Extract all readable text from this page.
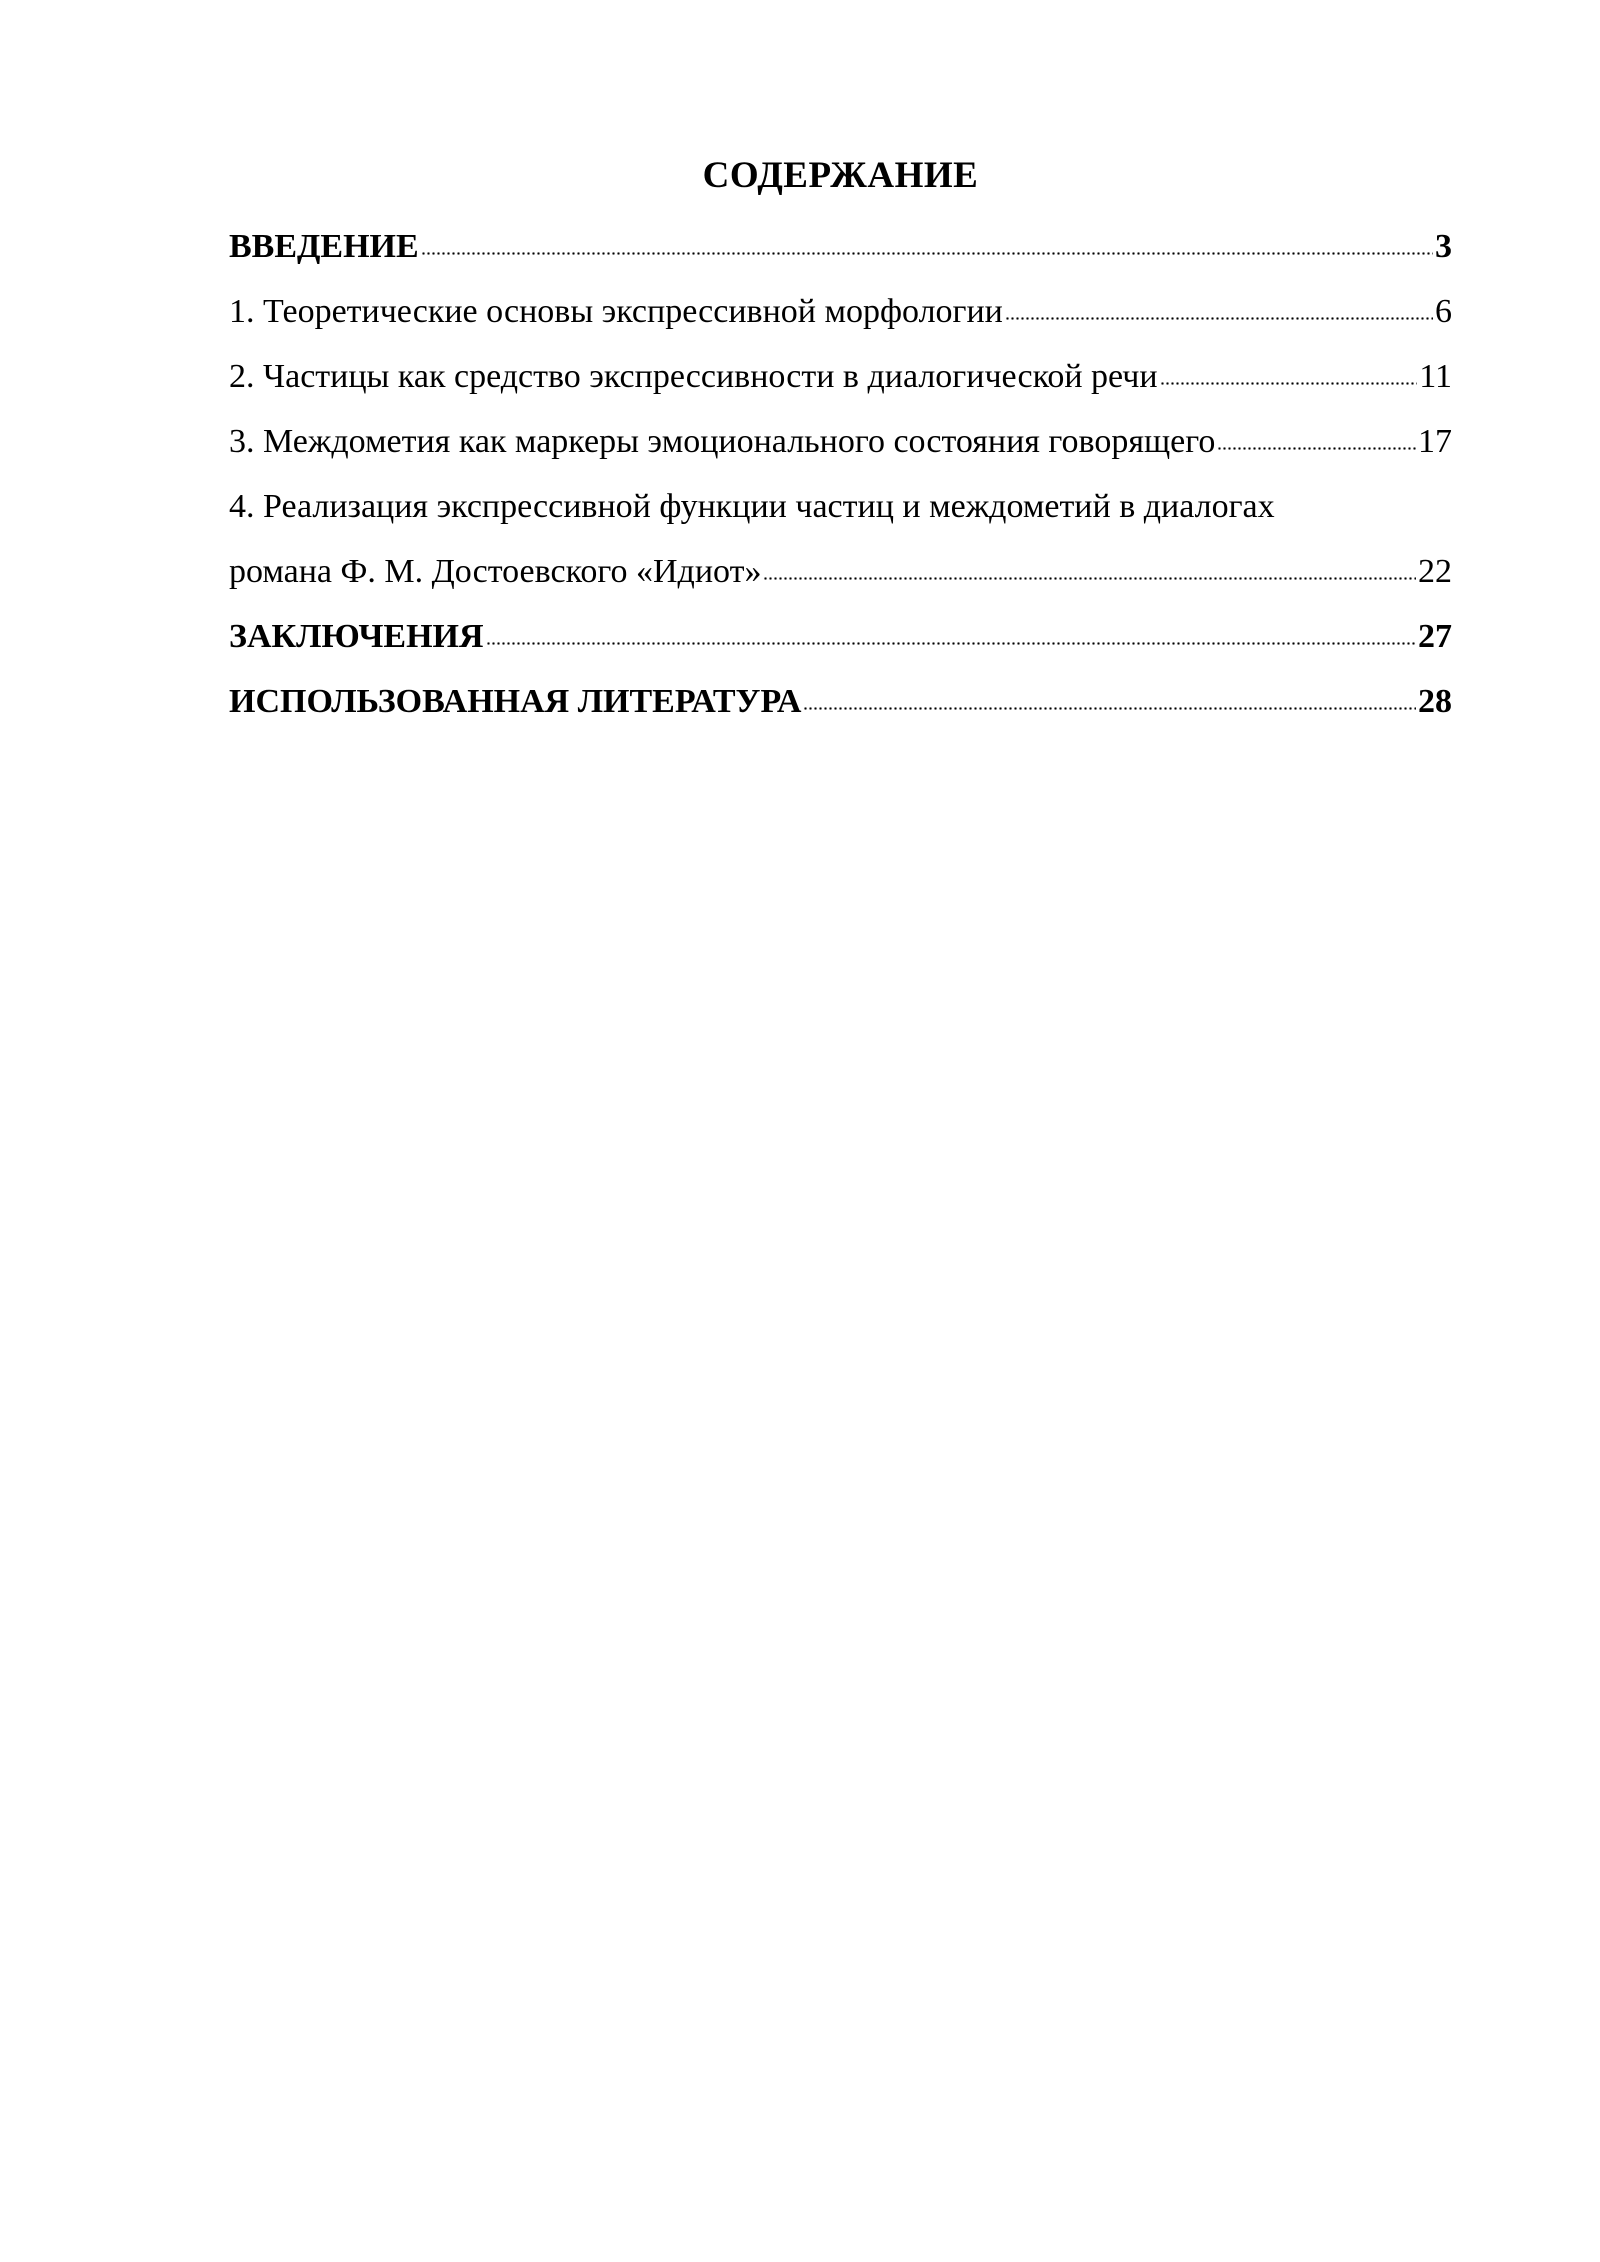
СОДЕРЖАНИЕ
ВВЕДЕНИЕ	3
1. Теоретические основы экспрессивной морфологии	6
2. Частицы как средство экспрессивности в диалогической речи	11
3. Междометия как маркеры эмоционального состояния говорящего	17
4. Реализация экспрессивной функции частиц и междометий в диалогах
романа Ф. М. Достоевского «Идиот»	22
ЗАКЛЮЧЕНИЯ	27
ИСПОЛЬЗОВАННАЯ ЛИТЕРАТУРА	28
